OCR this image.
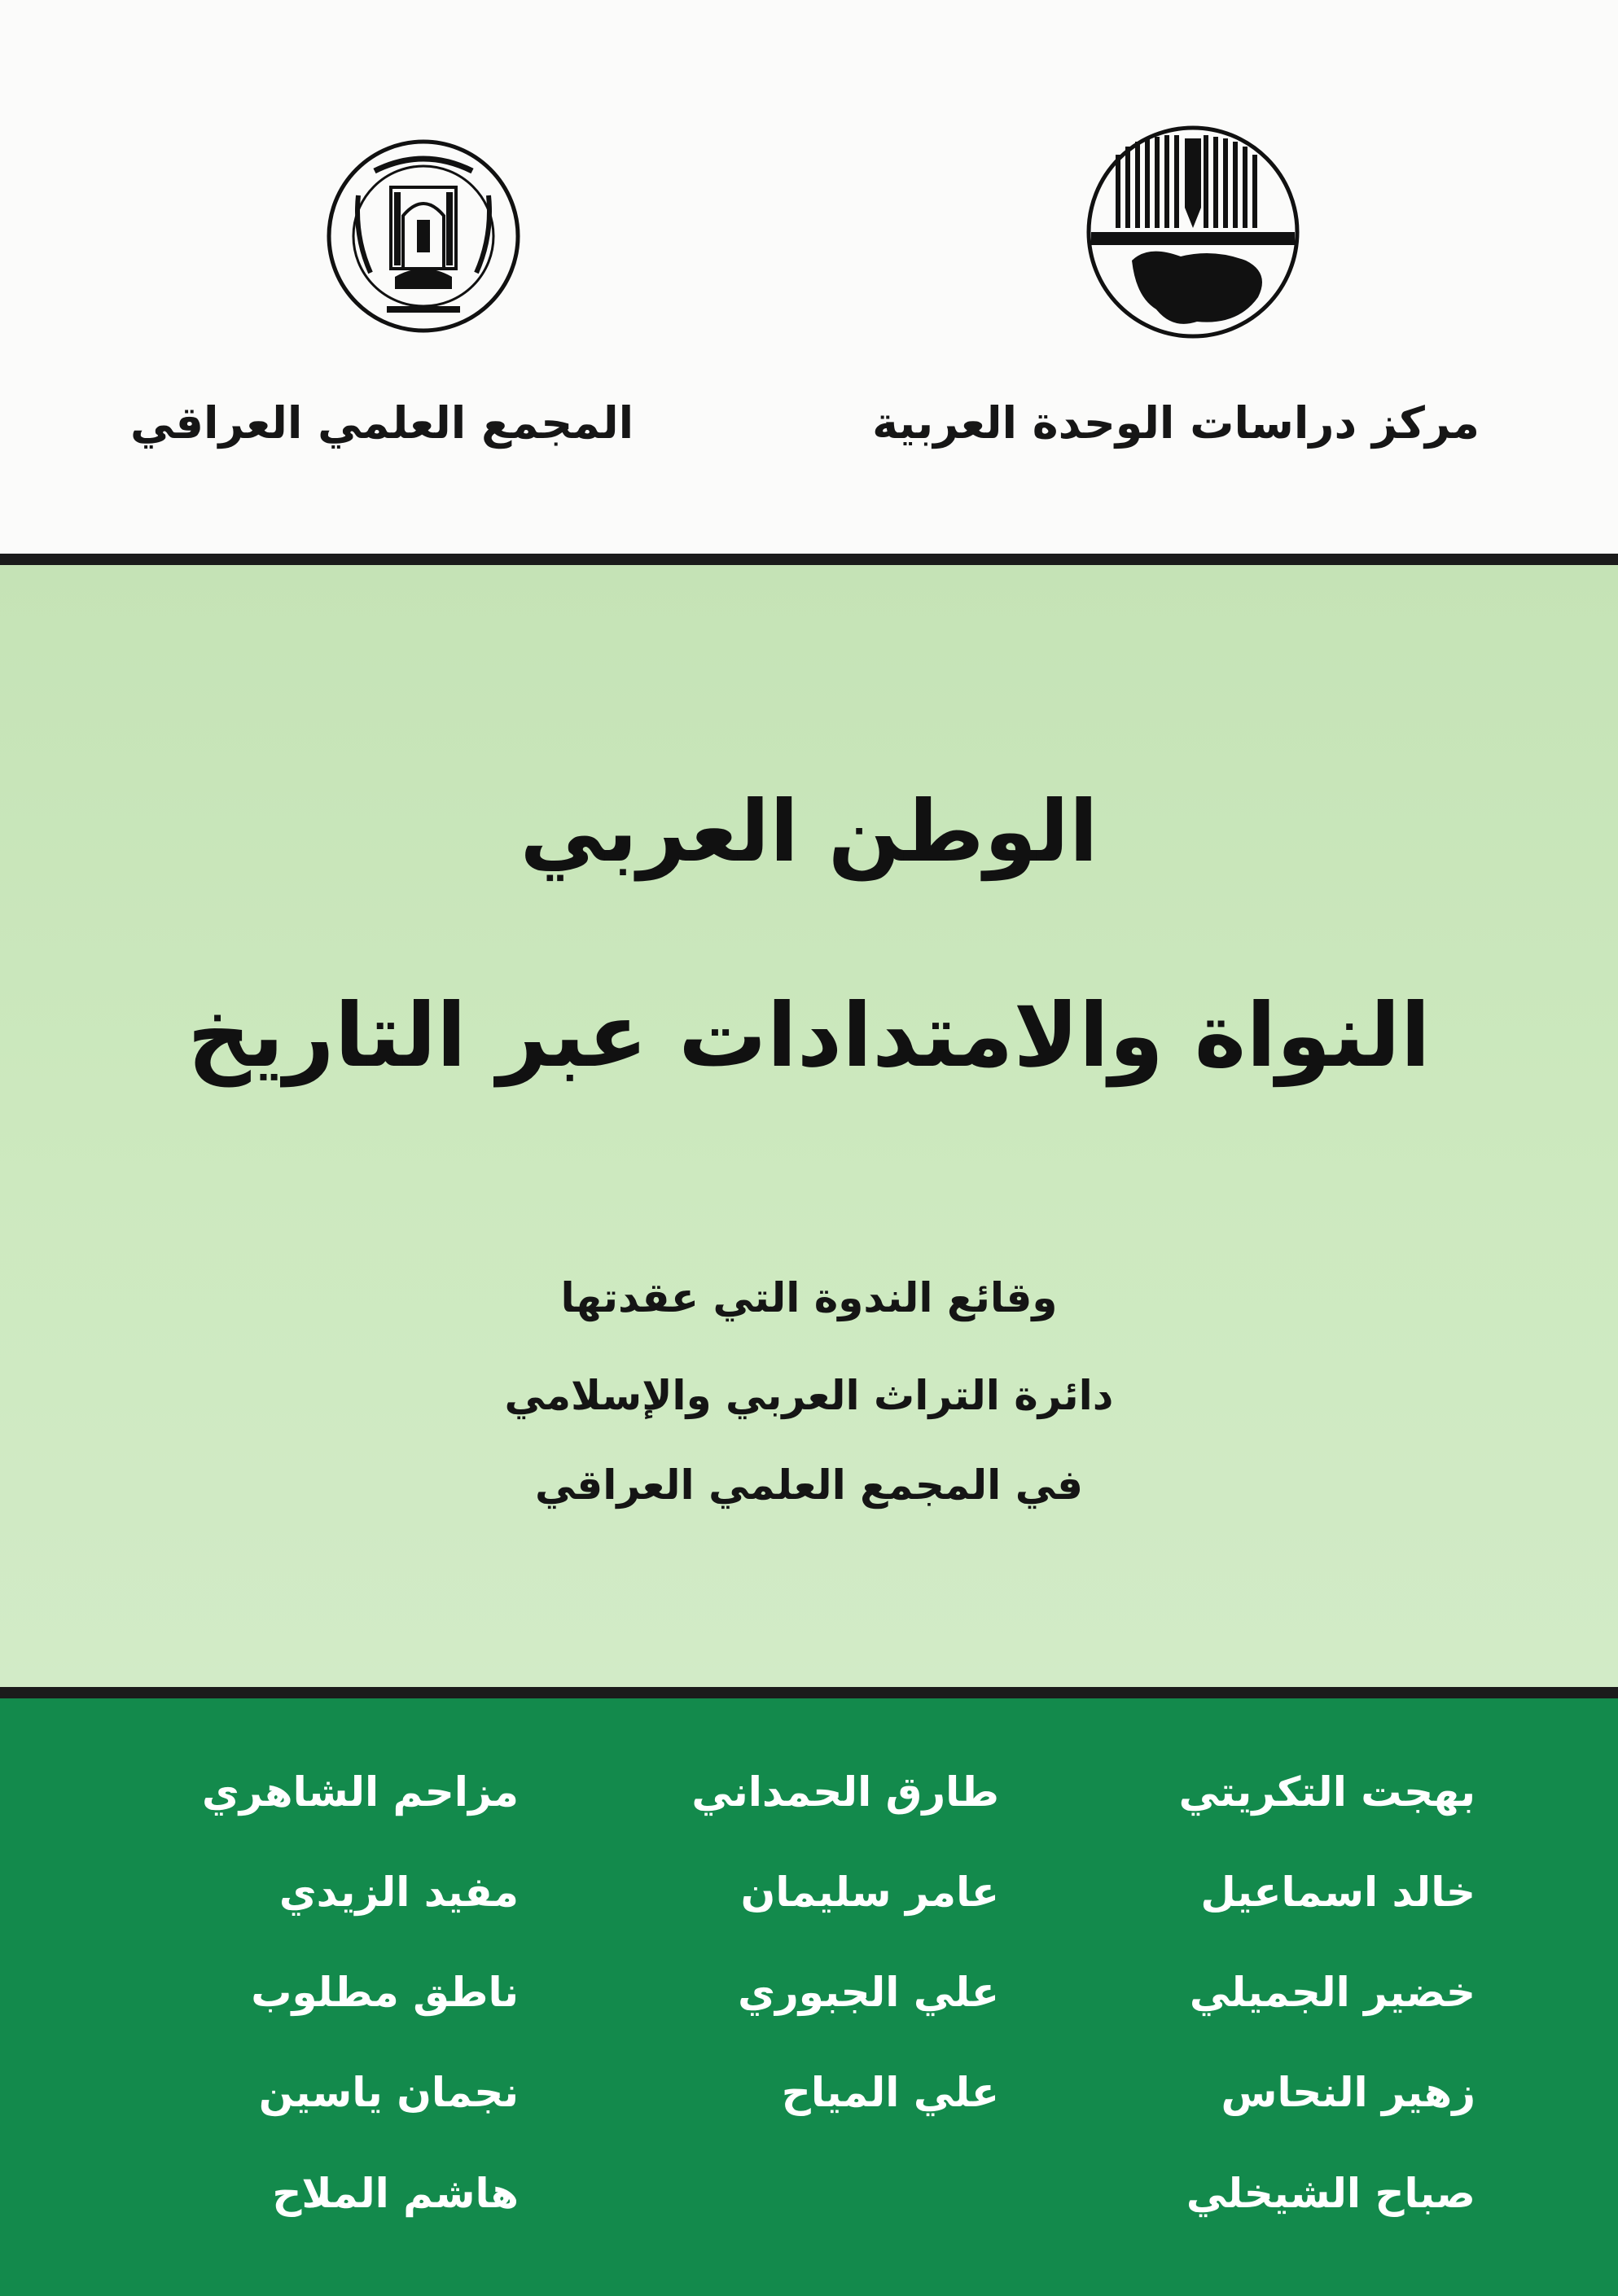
مركز دراسات الوحدة العربية
المجمع العلمي العراقي
الوطن العربي
النواة والامتدادات عبر التاريخ
وقائع الندوة التي عقدتها
دائرة التراث العربي والإسلامي
في المجمع العلمي العراقي
بهجت التكريتي
خالد اسماعيل
خضير الجميلي
زهير النحاس
صباح الشيخلي
طارق الحمداني
عامر سليمان
علي الجبوري
علي المياح
مزاحم الشاهري
مفيد الزيدي
ناطق مطلوب
نجمان ياسين
هاشم الملاح
